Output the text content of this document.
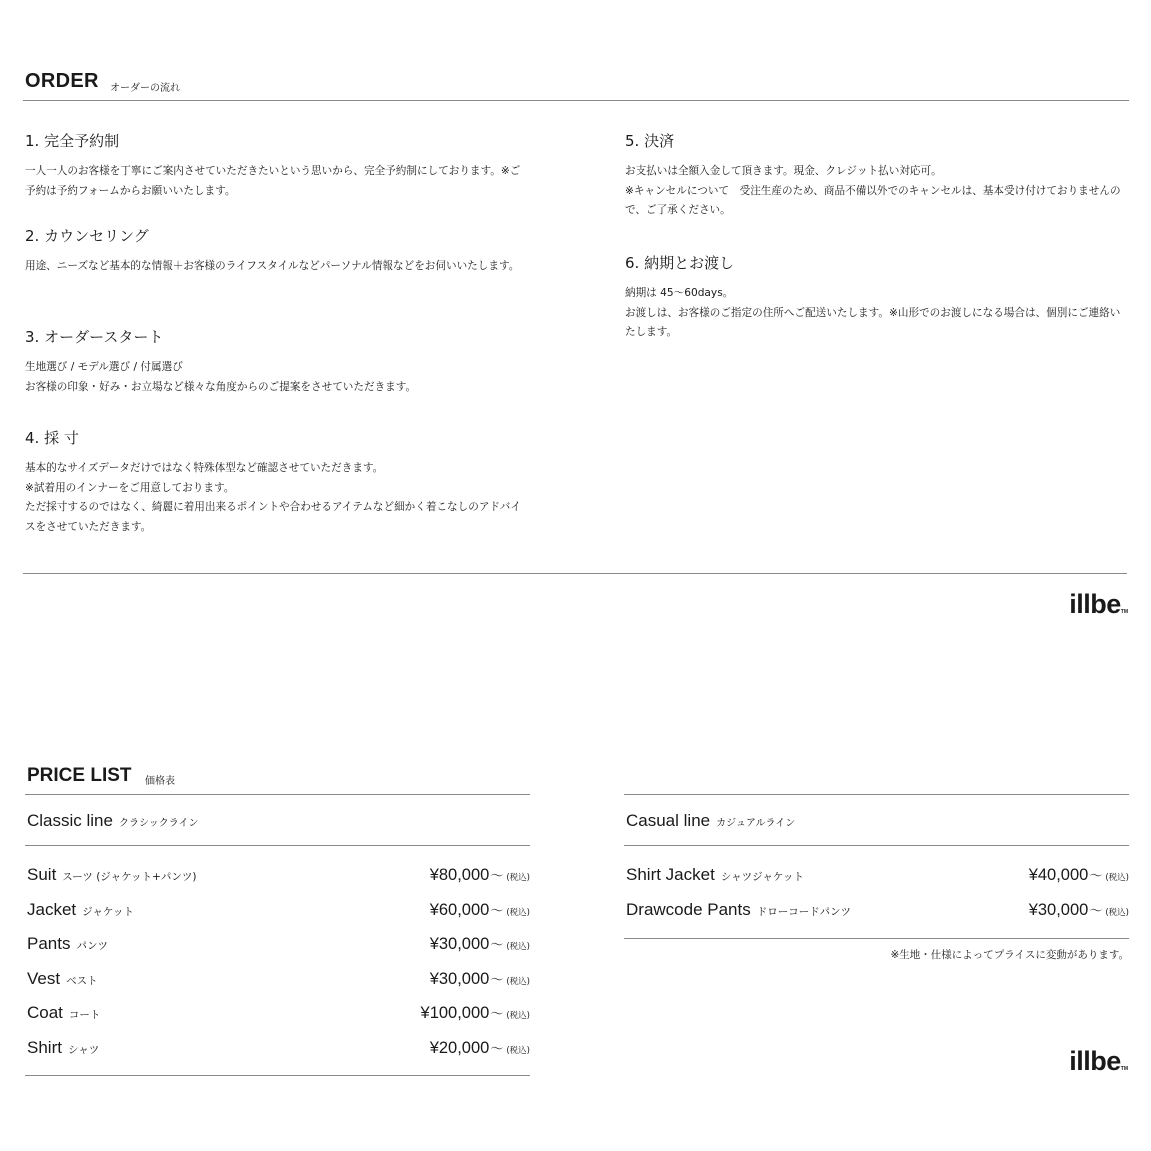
ORDER オーダーの流れ
1. 完全予約制

一人一人のお客様を丁寧にご案内させていただきたいという思いから、完全予約制にしております。※ご予約は予約フォームからお願いいたします。

2. カウンセリング

用途、ニーズなど基本的な情報＋お客様のライフスタイルなどパーソナル情報などをお伺いいたします。

3. オーダースタート

生地選び / モデル選び / 付属選び
お客様の印象・好み・お立場など様々な角度からのご提案をさせていただきます。

4. 採 寸

基本的なサイズデータだけではなく特殊体型など確認させていただきます。
※試着用のインナーをご用意しております。
ただ採寸するのではなく、綺麗に着用出来るポイントや合わせるアイテムなど細かく着こなしのアドバイスをさせていただきます。

5. 決済

お支払いは全額入金して頂きます。現金、クレジット払い対応可。
※キャンセルについて　受注生産のため、商品不備以外でのキャンセルは、基本受け付けておりませんので、ご了承ください。

6. 納期とお渡し

納期は 45〜60days。
お渡しは、お客様のご指定の住所へご配送いたします。※山形でのお渡しになる場合は、個別にご連絡いたします。

illbeTM
PRICE LIST 価格表
Classic line クラシックライン
Suit スーツ (ジャケット+パンツ)	¥80,000〜 (税込)
Jacket ジャケット	¥60,000〜 (税込)
Pants パンツ	¥30,000〜 (税込)
Vest ベスト	¥30,000〜 (税込)
Coat コート	¥100,000〜 (税込)
Shirt シャツ	¥20,000〜 (税込)
Casual line カジュアルライン
Shirt Jacket シャツジャケット	¥40,000〜 (税込)
Drawcode Pants ドローコードパンツ	¥30,000〜 (税込)
※生地・仕様によってプライスに変動があります。
illbeTM
